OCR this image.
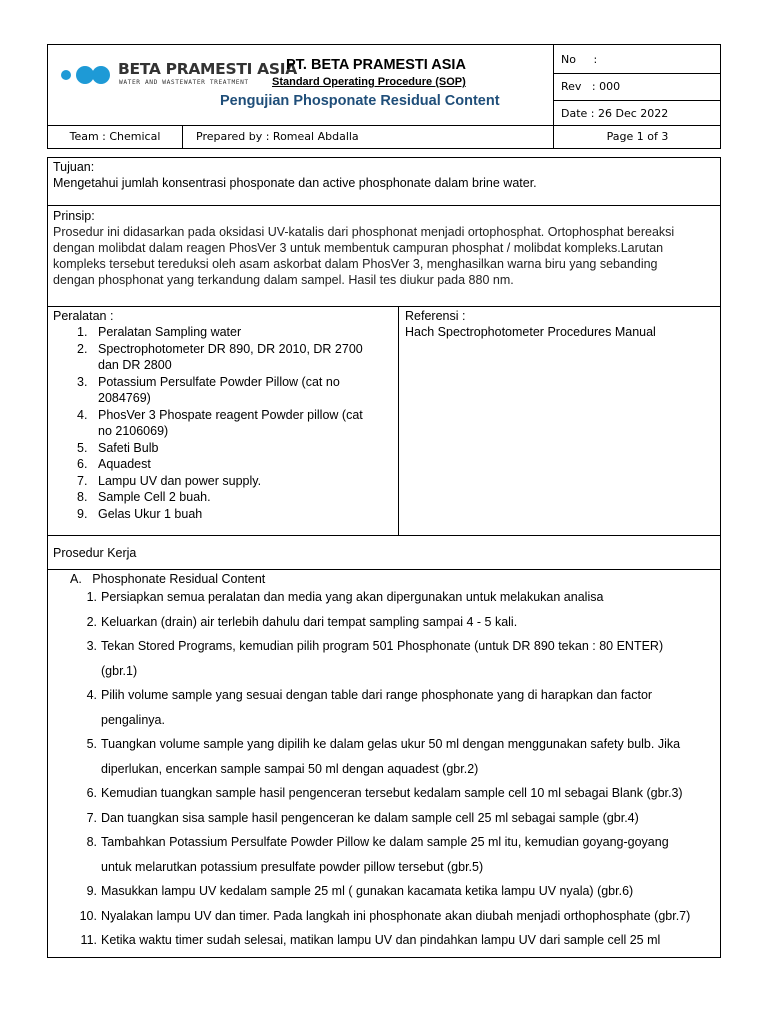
BETA PRAMESTI ASIA
WATER AND WASTEWATER TREATMENT
PT. BETA PRAMESTI ASIA
Standard Operating Procedure (SOP)
Pengujian Phosponate Residual Content
No     :
Rev   : 000
Date : 26 Dec 2022
Team : Chemical	Prepared by : Romeal Abdalla	Page 1 of 3
Tujuan:
Mengetahui jumlah konsentrasi phosponate dan active phosphonate dalam brine water.
Prinsip:
Prosedur ini didasarkan pada oksidasi UV-katalis dari phosphonat menjadi ortophosphat. Ortophosphat bereaksi
dengan molibdat dalam reagen PhosVer 3 untuk membentuk campuran phosphat / molibdat kompleks.Larutan
kompleks tersebut tereduksi oleh asam askorbat dalam PhosVer 3, menghasilkan warna biru yang sebanding
dengan phosphonat yang terkandung dalam sampel. Hasil tes diukur pada 880 nm.
Peralatan :
1. Peralatan Sampling water
2. Spectrophotometer DR 890, DR 2010, DR 2700
dan DR 2800
3. Potassium Persulfate Powder Pillow (cat no
2084769)
4. PhosVer 3 Phospate reagent Powder pillow (cat
no 2106069)
5. Safeti Bulb
6. Aquadest
7. Lampu UV dan power supply.
8. Sample Cell 2 buah.
9. Gelas Ukur 1 buah
Referensi :
Hach Spectrophotometer Procedures Manual
Prosedur Kerja
A.   Phosphonate Residual Content
1. Persiapkan semua peralatan dan media yang akan dipergunakan untuk melakukan analisa
2. Keluarkan (drain) air terlebih dahulu dari tempat sampling sampai 4 - 5 kali.
3. Tekan Stored Programs, kemudian pilih program 501 Phosphonate (untuk DR 890 tekan : 80 ENTER)
(gbr.1)
4. Pilih volume sample yang sesuai dengan table dari range phosphonate yang di harapkan dan factor
pengalinya.
5. Tuangkan volume sample yang dipilih ke dalam gelas ukur 50 ml dengan menggunakan safety bulb. Jika
diperlukan, encerkan sample sampai 50 ml dengan aquadest (gbr.2)
6. Kemudian tuangkan sample hasil pengenceran tersebut kedalam sample cell 10 ml sebagai Blank (gbr.3)
7. Dan tuangkan sisa sample hasil pengenceran ke dalam sample cell 25 ml sebagai sample (gbr.4)
8. Tambahkan Potassium Persulfate Powder Pillow ke dalam sample 25 ml itu, kemudian goyang-goyang
untuk melarutkan potassium presulfate powder pillow tersebut (gbr.5)
9. Masukkan lampu UV kedalam sample 25 ml ( gunakan kacamata ketika lampu UV nyala) (gbr.6)
10. Nyalakan lampu UV dan timer. Pada langkah ini phosphonate akan diubah menjadi orthophosphate (gbr.7)
11. Ketika waktu timer sudah selesai, matikan lampu UV dan pindahkan lampu UV dari sample cell 25 ml
